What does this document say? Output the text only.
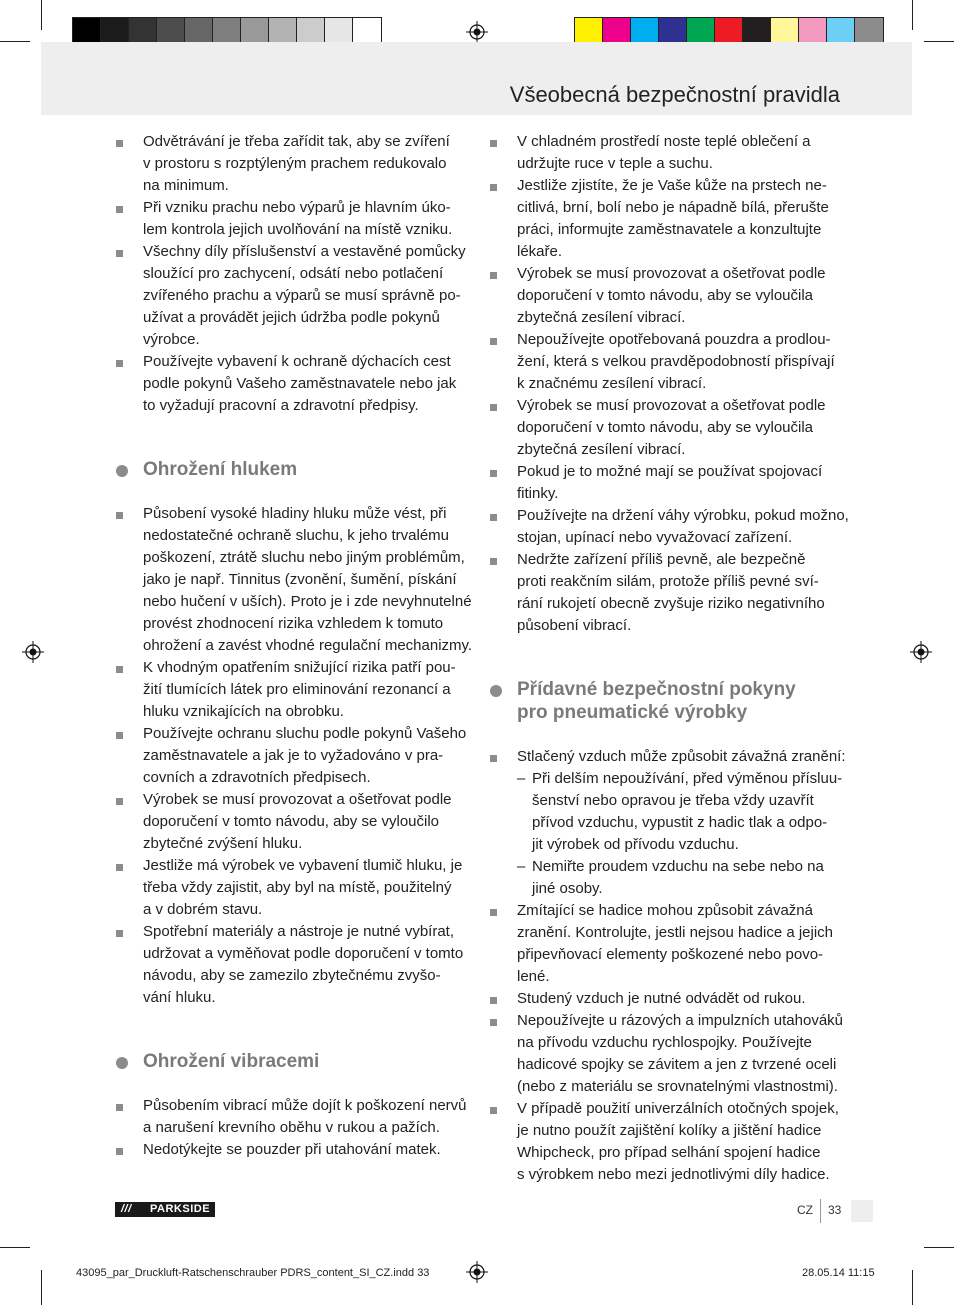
Všeobecná bezpečnostní pravidla
Odvětrávání je třeba zařídit tak, aby se zvíření
v prostoru s rozptýleným prachem redukovalo
na minimum.
Při vzniku prachu nebo výparů je hlavním úko-
lem kontrola jejich uvolňování na místě vzniku.
Všechny díly příslušenství a vestavěné pomůcky
sloužící pro zachycení, odsátí nebo potlačení
zvířeného prachu a výparů se musí správně po-
užívat a provádět jejich údržba podle pokynů
výrobce.
Používejte vybavení k ochraně dýchacích cest
podle pokynů Vašeho zaměstnavatele nebo jak
to vyžadují pracovní a zdravotní předpisy.
Ohrožení hlukem
Působení vysoké hladiny hluku může vést, při
nedostatečné ochraně sluchu, k jeho trvalému
poškození, ztrátě sluchu nebo jiným problémům,
jako je např. Tinnitus (zvonění, šumění, pískání
nebo hučení v uších). Proto je i zde nevyhnutelné
provést zhodnocení rizika vzhledem k tomuto
ohrožení a zavést vhodné regulační mechanizmy.
K vhodným opatřením snižující rizika patří pou-
žití tlumících látek pro eliminování rezonancí a
hluku vznikajících na obrobku.
Používejte ochranu sluchu podle pokynů Vašeho
zaměstnavatele a jak je to vyžadováno v pra-
covních a zdravotních předpisech.
Výrobek se musí provozovat a ošetřovat podle
doporučení v tomto návodu, aby se vyloučilo
zbytečné zvýšení hluku.
Jestliže má výrobek ve vybavení tlumič hluku, je
třeba vždy zajistit, aby byl na místě, použitelný
a v dobrém stavu.
Spotřební materiály a nástroje je nutné vybírat,
udržovat a vyměňovat podle doporučení v tomto
návodu, aby se zamezilo zbytečnému zvyšo-
vání hluku.
Ohrožení vibracemi
Působením vibrací může dojít k poškození nervů
a narušení krevního oběhu v rukou a pažích.
Nedotýkejte se pouzder při utahování matek.
V chladném prostředí noste teplé oblečení a
udržujte ruce v teple a suchu.
Jestliže zjistíte, že je Vaše kůže na prstech ne-
citlivá, brní, bolí nebo je nápadně bílá, přerušte
práci, informujte zaměstnavatele a konzultujte
lékaře.
Výrobek se musí provozovat a ošetřovat podle
doporučení v tomto návodu, aby se vyloučila
zbytečná zesílení vibrací.
Nepoužívejte opotřebovaná pouzdra a prodlou-
žení, která s velkou pravděpodobností přispívají
k značnému zesílení vibrací.
Výrobek se musí provozovat a ošetřovat podle
doporučení v tomto návodu, aby se vyloučila
zbytečná zesílení vibrací.
Pokud je to možné mají se používat spojovací
fitinky.
Používejte na držení váhy výrobku, pokud možno,
stojan, upínací nebo vyvažovací zařízení.
Nedržte zařízení příliš pevně, ale bezpečně
proti reakčním silám, protože příliš pevné sví-
rání rukojetí obecně zvyšuje riziko negativního
působení vibrací.
Přídavné bezpečnostní pokyny
pro pneumatické výrobky
Stlačený vzduch může způsobit závažná zranění:
– Při delším nepoužívání, před výměnou přísluu-
šenství nebo opravou je třeba vždy uzavřít
přívod vzduchu, vypustit z hadic tlak a odpo-
jit výrobek od přívodu vzduchu.
– Nemiřte proudem vzduchu na sebe nebo na
jiné osoby.
Zmítající se hadice mohou způsobit závažná
zranění. Kontrolujte, jestli nejsou hadice a jejich
připevňovací elementy poškozené nebo povo-
lené.
Studený vzduch je nutné odvádět od rukou.
Nepoužívejte u rázových a impulzních utahováků
na přívodu vzduchu rychlospojky. Používejte
hadicové spojky se závitem a jen z tvrzené oceli
(nebo z materiálu se srovnatelnými vlastnostmi).
V případě použití univerzálních otočných spojek,
je nutno použít zajištění kolíky a jištění hadice
Whipcheck, pro případ selhání spojení hadice
s výrobkem nebo mezi jednotlivými díly hadice.
/// PARKSIDE	CZ 33
43095_par_Druckluft-Ratschenschrauber PDRS_content_SI_CZ.indd 33	28.05.14 11:15
